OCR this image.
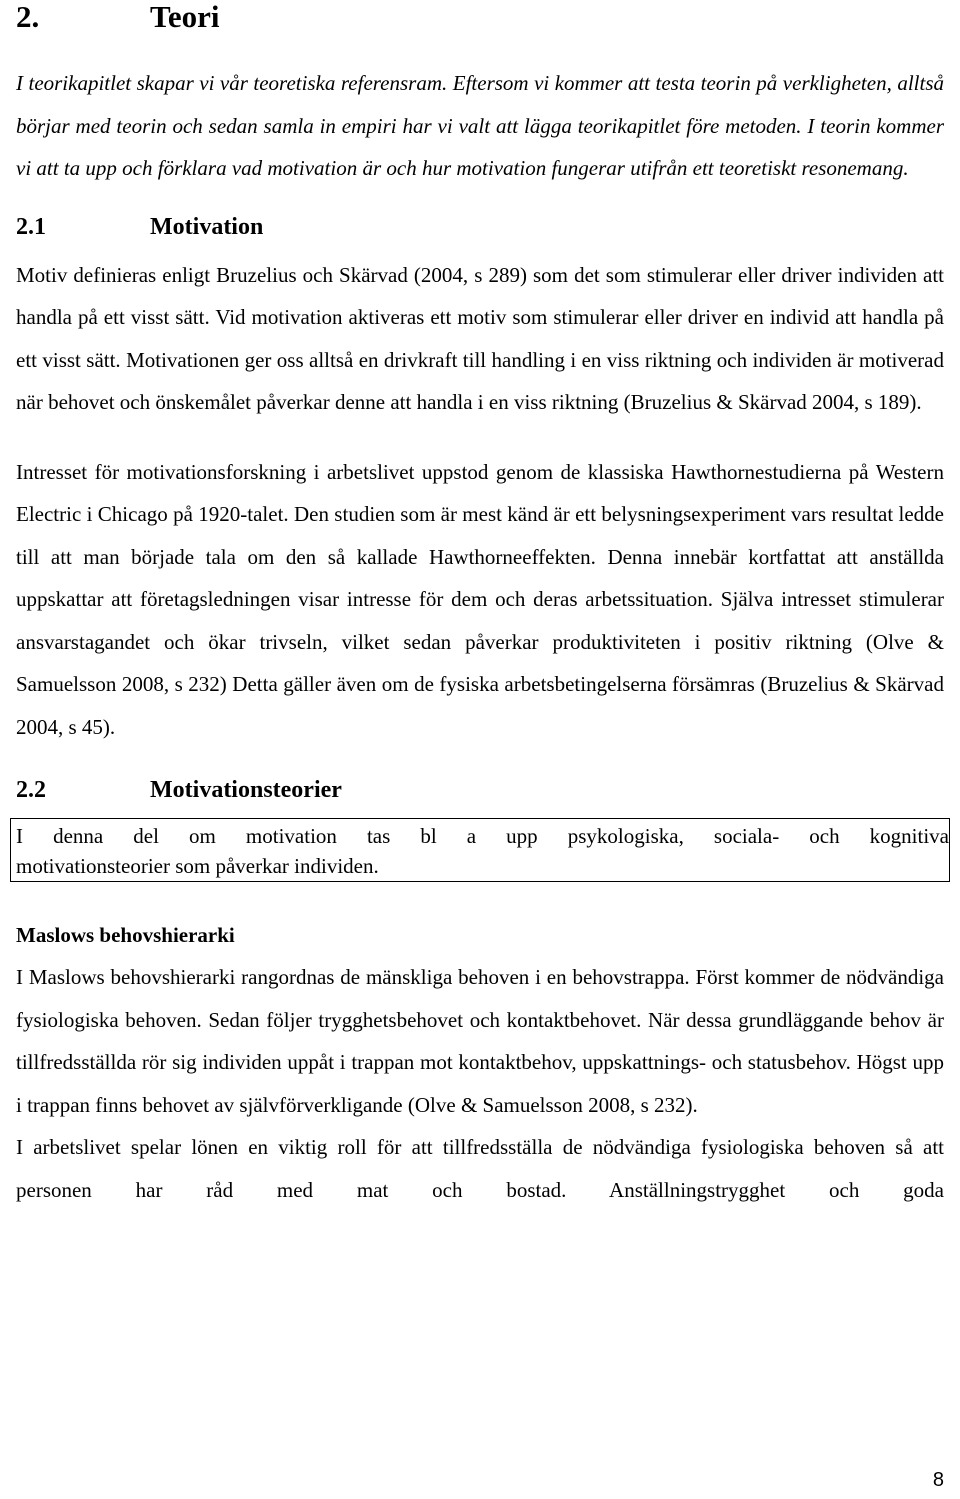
2.	Teori

I teorikapitlet skapar vi vår teoretiska referensram. Eftersom vi kommer att testa teorin på verkligheten, alltså börjar med teorin och sedan samla in empiri har vi valt att lägga teorikapitlet före metoden. I teorin kommer vi att ta upp och förklara vad motivation är och hur motivation fungerar utifrån ett teoretiskt resonemang.

2.1	Motivation

Motiv definieras enligt Bruzelius och Skärvad (2004, s 289) som det som stimulerar eller driver individen att handla på ett visst sätt. Vid motivation aktiveras ett motiv som stimulerar eller driver en individ att handla på ett visst sätt. Motivationen ger oss alltså en drivkraft till handling i en viss riktning och individen är motiverad när behovet och önskemålet påverkar denne att handla i en viss riktning (Bruzelius & Skärvad 2004, s 189).

Intresset för motivationsforskning i arbetslivet uppstod genom de klassiska Hawthornestudierna på Western Electric i Chicago på 1920-talet. Den studien som är mest känd är ett belysningsexperiment vars resultat ledde till att man började tala om den så kallade Hawthorneeffekten. Denna innebär kortfattat att anställda uppskattar att företagsledningen visar intresse för dem och deras arbetssituation. Själva intresset stimulerar ansvarstagandet och ökar trivseln, vilket sedan påverkar produktiviteten i positiv riktning (Olve & Samuelsson 2008, s 232) Detta gäller även om de fysiska arbetsbetingelserna försämras (Bruzelius & Skärvad 2004, s 45).

2.2	Motivationsteorier

I denna del om motivation tas bl a upp psykologiska, sociala- och kognitiva
motivationsteorier som påverkar individen.

Maslows behovshierarki

I Maslows behovshierarki rangordnas de mänskliga behoven i en behovstrappa. Först kommer de nödvändiga fysiologiska behoven. Sedan följer trygghetsbehovet och kontaktbehovet. När dessa grundläggande behov är tillfredsställda rör sig individen uppåt i trappan mot kontaktbehov, uppskattnings- och statusbehov. Högst upp i trappan finns behovet av självförverkligande (Olve & Samuelsson 2008, s 232).

I arbetslivet spelar lönen en viktig roll för att tillfredsställa de nödvändiga fysiologiska behoven så att personen har råd med mat och bostad. Anställningstrygghet och goda

8
